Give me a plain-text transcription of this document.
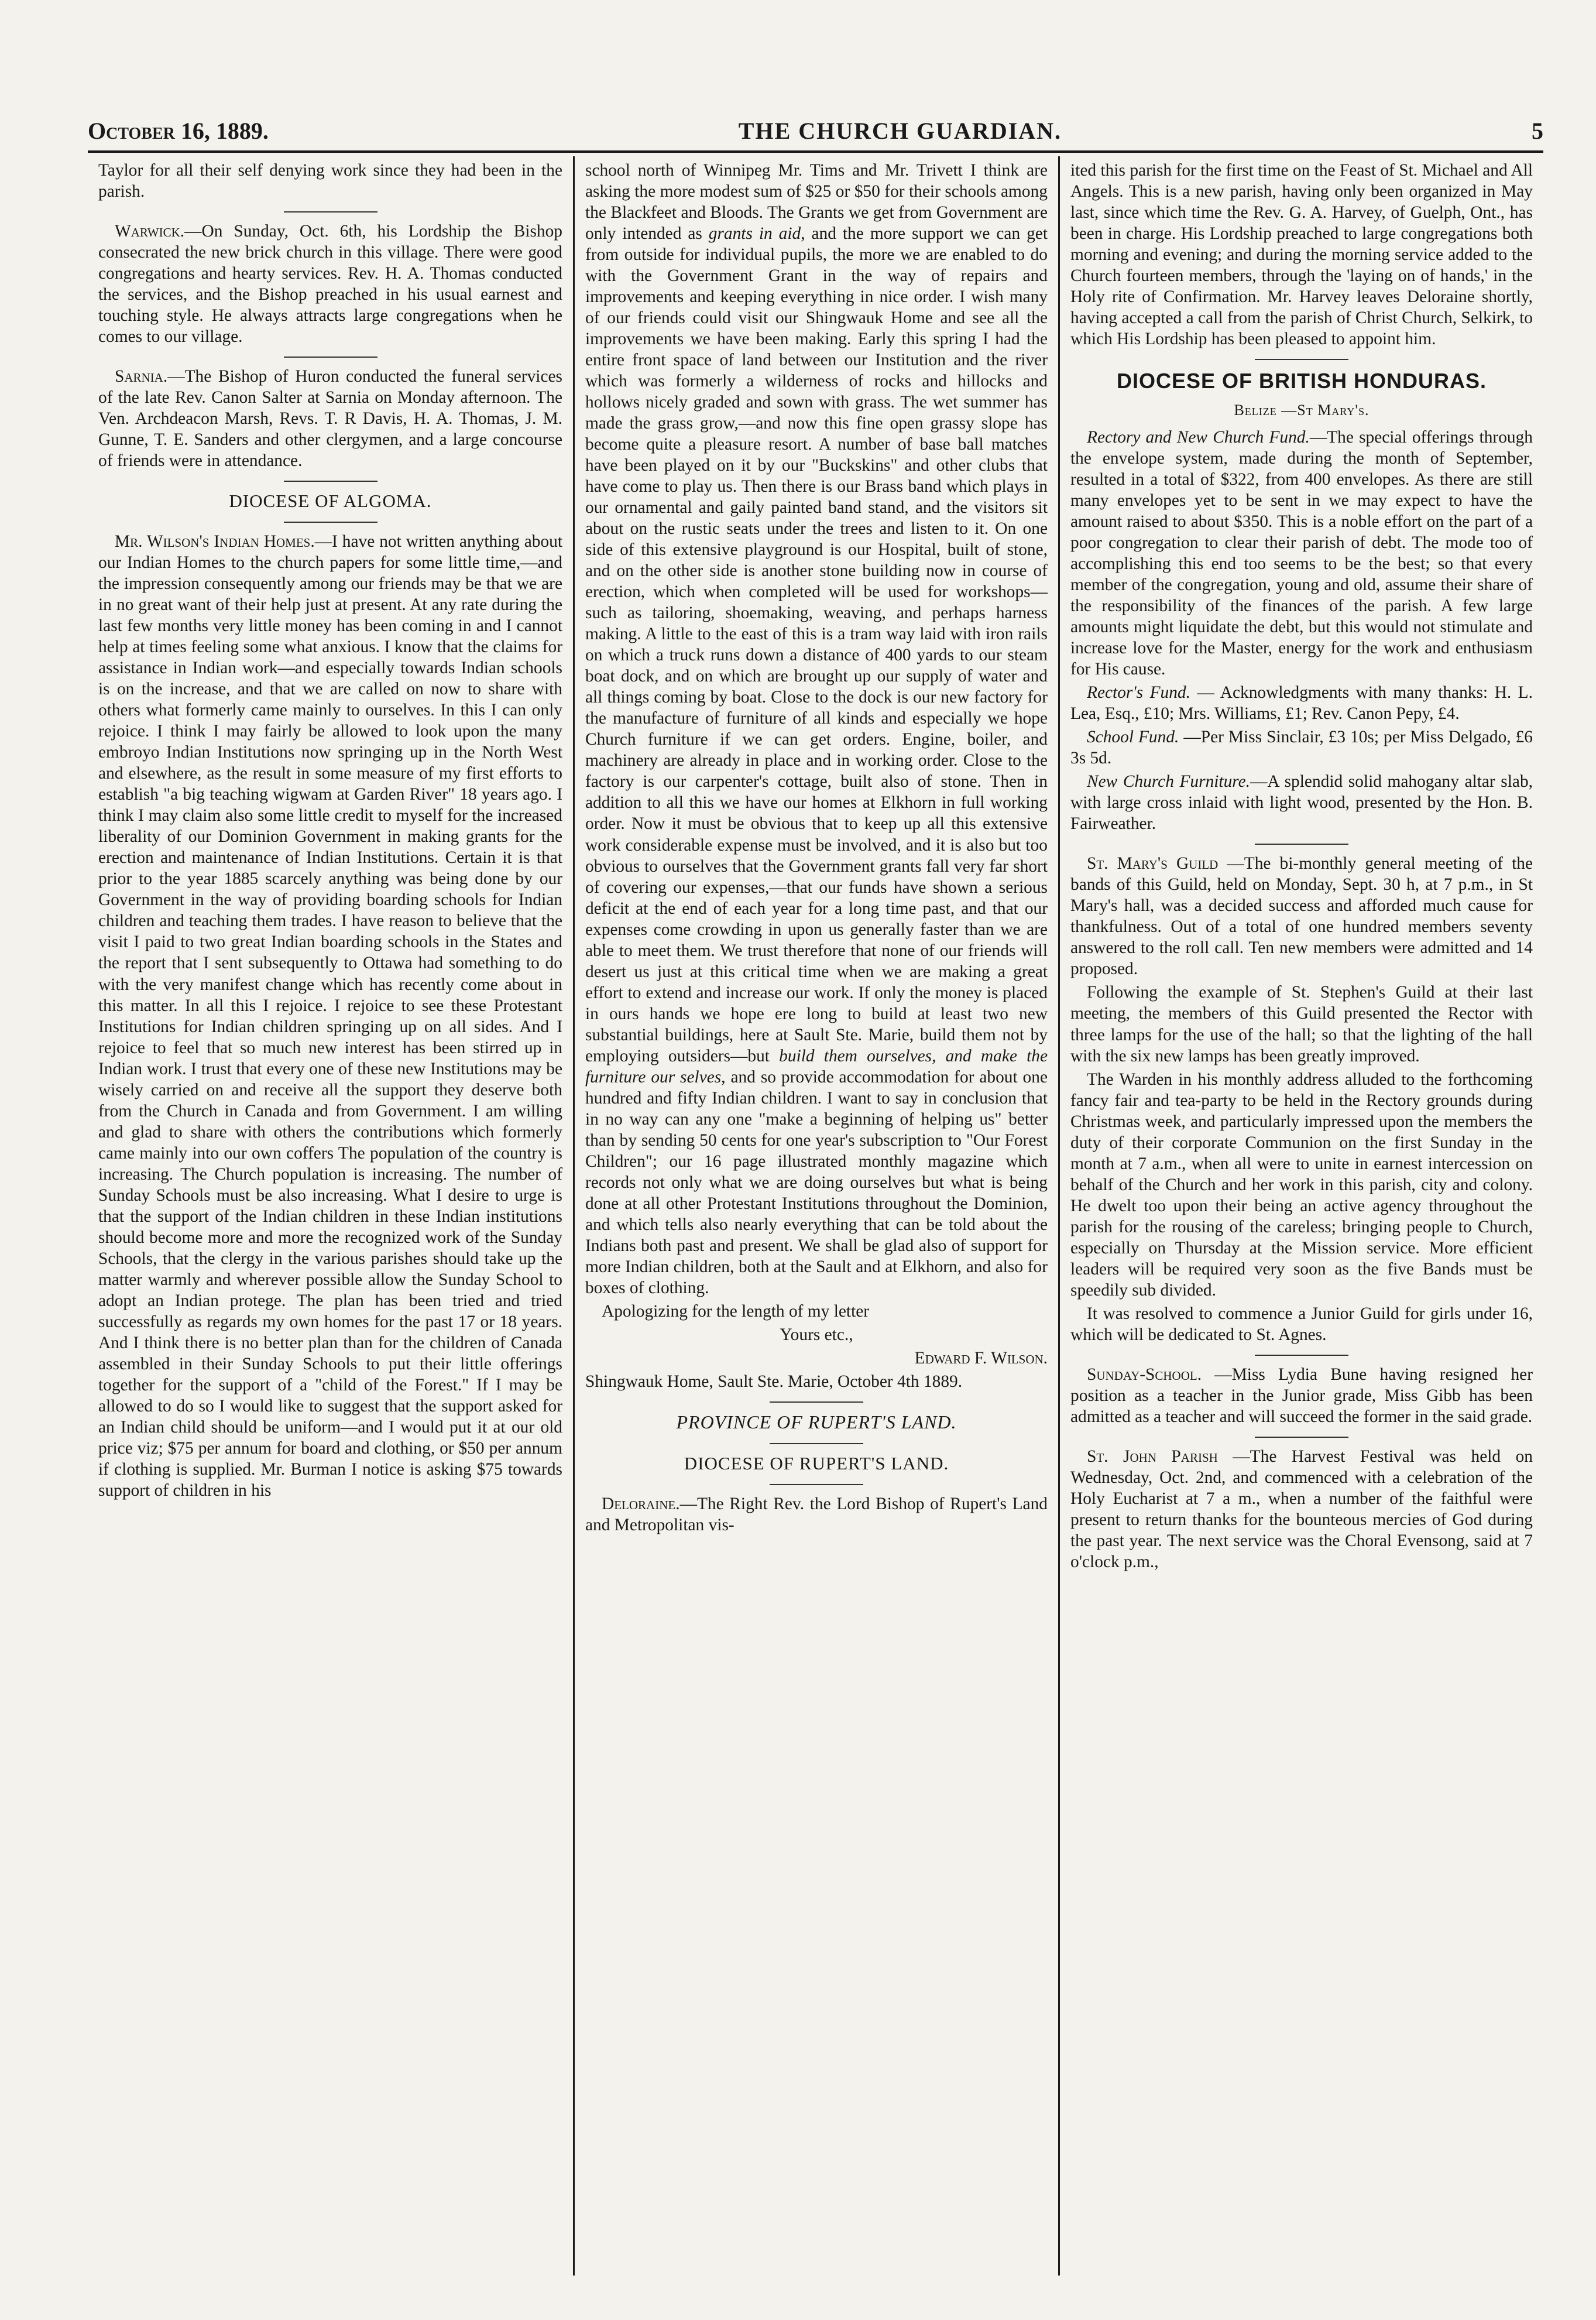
October 16, 1889.	THE CHURCH GUARDIAN.	5

Taylor for all their self denying work since they had been in the parish.

Warwick.—On Sunday, Oct. 6th, his Lordship the Bishop consecrated the new brick church in this village. There were good congregations and hearty services. Rev. H. A. Thomas conducted the services, and the Bishop preached in his usual earnest and touching style. He always attracts large congregations when he comes to our village.

Sarnia.—The Bishop of Huron conducted the funeral services of the late Rev. Canon Salter at Sarnia on Monday afternoon. The Ven. Archdeacon Marsh, Revs. T. R Davis, H. A. Thomas, J. M. Gunne, T. E. Sanders and other clergymen, and a large concourse of friends were in attendance.

DIOCESE OF ALGOMA.

Mr. Wilson's Indian Homes.—I have not written anything about our Indian Homes to the church papers for some little time,—and the impression consequently among our friends may be that we are in no great want of their help just at present. At any rate during the last few months very little money has been coming in and I cannot help at times feeling some what anxious. I know that the claims for assistance in Indian work—and especially towards Indian schools is on the increase, and that we are called on now to share with others what formerly came mainly to ourselves. In this I can only rejoice. I think I may fairly be allowed to look upon the many embroyo Indian Institutions now springing up in the North West and elsewhere, as the result in some measure of my first efforts to establish "a big teaching wigwam at Garden River" 18 years ago. I think I may claim also some little credit to myself for the increased liberality of our Dominion Government in making grants for the erection and maintenance of Indian Institutions. Certain it is that prior to the year 1885 scarcely anything was being done by our Government in the way of providing boarding schools for Indian children and teaching them trades. I have reason to believe that the visit I paid to two great Indian boarding schools in the States and the report that I sent subsequently to Ottawa had something to do with the very manifest change which has recently come about in this matter. In all this I rejoice. I rejoice to see these Protestant Institutions for Indian children springing up on all sides. And I rejoice to feel that so much new interest has been stirred up in Indian work. I trust that every one of these new Institutions may be wisely carried on and receive all the support they deserve both from the Church in Canada and from Government. I am willing and glad to share with others the contributions which formerly came mainly into our own coffers The population of the country is increasing. The Church population is increasing. The number of Sunday Schools must be also increasing. What I desire to urge is that the support of the Indian children in these Indian institutions should become more and more the recognized work of the Sunday Schools, that the clergy in the various parishes should take up the matter warmly and wherever possible allow the Sunday School to adopt an Indian protege. The plan has been tried and tried successfully as regards my own homes for the past 17 or 18 years. And I think there is no better plan than for the children of Canada assembled in their Sunday Schools to put their little offerings together for the support of a "child of the Forest." If I may be allowed to do so I would like to suggest that the support asked for an Indian child should be uniform—and I would put it at our old price viz; $75 per annum for board and clothing, or $50 per annum if clothing is supplied. Mr. Burman I notice is asking $75 towards support of children in his

school north of Winnipeg Mr. Tims and Mr. Trivett I think are asking the more modest sum of $25 or $50 for their schools among the Blackfeet and Bloods. The Grants we get from Government are only intended as grants in aid, and the more support we can get from outside for individual pupils, the more we are enabled to do with the Government Grant in the way of repairs and improvements and keeping everything in nice order. I wish many of our friends could visit our Shingwauk Home and see all the improvements we have been making. Early this spring I had the entire front space of land between our Institution and the river which was formerly a wilderness of rocks and hillocks and hollows nicely graded and sown with grass. The wet summer has made the grass grow,—and now this fine open grassy slope has become quite a pleasure resort. A number of base ball matches have been played on it by our "Buckskins" and other clubs that have come to play us. Then there is our Brass band which plays in our ornamental and gaily painted band stand, and the visitors sit about on the rustic seats under the trees and listen to it. On one side of this extensive playground is our Hospital, built of stone, and on the other side is another stone building now in course of erection, which when completed will be used for workshops—such as tailoring, shoemaking, weaving, and perhaps harness making. A little to the east of this is a tram way laid with iron rails on which a truck runs down a distance of 400 yards to our steam boat dock, and on which are brought up our supply of water and all things coming by boat. Close to the dock is our new factory for the manufacture of furniture of all kinds and especially we hope Church furniture if we can get orders. Engine, boiler, and machinery are already in place and in working order. Close to the factory is our carpenter's cottage, built also of stone. Then in addition to all this we have our homes at Elkhorn in full working order. Now it must be obvious that to keep up all this extensive work considerable expense must be involved, and it is also but too obvious to ourselves that the Government grants fall very far short of covering our expenses,—that our funds have shown a serious deficit at the end of each year for a long time past, and that our expenses come crowding in upon us generally faster than we are able to meet them. We trust therefore that none of our friends will desert us just at this critical time when we are making a great effort to extend and increase our work. If only the money is placed in ours hands we hope ere long to build at least two new substantial buildings, here at Sault Ste. Marie, build them not by employing outsiders—but build them ourselves, and make the furniture our selves, and so provide accommodation for about one hundred and fifty Indian children. I want to say in conclusion that in no way can any one "make a beginning of helping us" better than by sending 50 cents for one year's subscription to "Our Forest Children"; our 16 page illustrated monthly magazine which records not only what we are doing ourselves but what is being done at all other Protestant Institutions throughout the Dominion, and which tells also nearly everything that can be told about the Indians both past and present. We shall be glad also of support for more Indian children, both at the Sault and at Elkhorn, and also for boxes of clothing.

Apologizing for the length of my letter

Yours etc.,

Edward F. Wilson.

Shingwauk Home, Sault Ste. Marie, October 4th 1889.

PROVINCE OF RUPERT'S LAND.
DIOCESE OF RUPERT'S LAND.

Deloraine.—The Right Rev. the Lord Bishop of Rupert's Land and Metropolitan vis-

ited this parish for the first time on the Feast of St. Michael and All Angels. This is a new parish, having only been organized in May last, since which time the Rev. G. A. Harvey, of Guelph, Ont., has been in charge. His Lordship preached to large congregations both morning and evening; and during the morning service added to the Church fourteen members, through the 'laying on of hands,' in the Holy rite of Confirmation. Mr. Harvey leaves Deloraine shortly, having accepted a call from the parish of Christ Church, Selkirk, to which His Lordship has been pleased to appoint him.

DIOCESE OF BRITISH HONDURAS.
Belize —St Mary's.

Rectory and New Church Fund.—The special offerings through the envelope system, made during the month of September, resulted in a total of $322, from 400 envelopes. As there are still many envelopes yet to be sent in we may expect to have the amount raised to about $350. This is a noble effort on the part of a poor congregation to clear their parish of debt. The mode too of accomplishing this end too seems to be the best; so that every member of the congregation, young and old, assume their share of the responsibility of the finances of the parish. A few large amounts might liquidate the debt, but this would not stimulate and increase love for the Master, energy for the work and enthusiasm for His cause.

Rector's Fund. — Acknowledgments with many thanks: H. L. Lea, Esq., £10; Mrs. Williams, £1; Rev. Canon Pepy, £4.

School Fund. —Per Miss Sinclair, £3 10s; per Miss Delgado, £6 3s 5d.

New Church Furniture.—A splendid solid mahogany altar slab, with large cross inlaid with light wood, presented by the Hon. B. Fairweather.

St. Mary's Guild —The bi-monthly general meeting of the bands of this Guild, held on Monday, Sept. 30 h, at 7 p.m., in St Mary's hall, was a decided success and afforded much cause for thankfulness. Out of a total of one hundred members seventy answered to the roll call. Ten new members were admitted and 14 proposed.

Following the example of St. Stephen's Guild at their last meeting, the members of this Guild presented the Rector with three lamps for the use of the hall; so that the lighting of the hall with the six new lamps has been greatly improved.

The Warden in his monthly address alluded to the forthcoming fancy fair and tea-party to be held in the Rectory grounds during Christmas week, and particularly impressed upon the members the duty of their corporate Communion on the first Sunday in the month at 7 a.m., when all were to unite in earnest intercession on behalf of the Church and her work in this parish, city and colony. He dwelt too upon their being an active agency throughout the parish for the rousing of the careless; bringing people to Church, especially on Thursday at the Mission service. More efficient leaders will be required very soon as the five Bands must be speedily sub divided.

It was resolved to commence a Junior Guild for girls under 16, which will be dedicated to St. Agnes.

Sunday-School. —Miss Lydia Bune having resigned her position as a teacher in the Junior grade, Miss Gibb has been admitted as a teacher and will succeed the former in the said grade.

St. John Parish —The Harvest Festival was held on Wednesday, Oct. 2nd, and commenced with a celebration of the Holy Eucharist at 7 a m., when a number of the faithful were present to return thanks for the bounteous mercies of God during the past year. The next service was the Choral Evensong, said at 7 o'clock p.m.,
